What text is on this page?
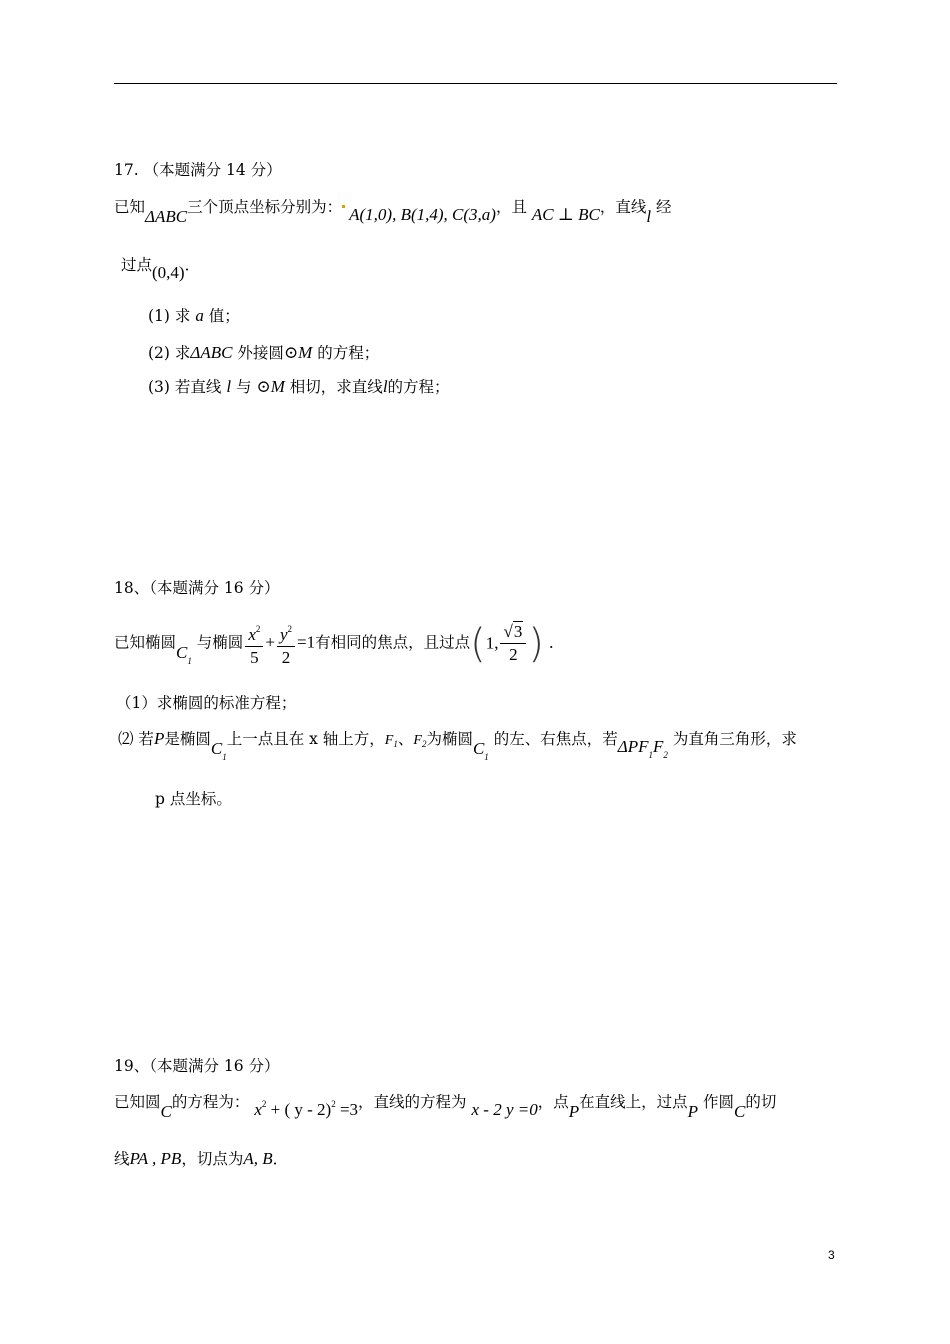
17. （本题满分 14 分）
已知ΔABC三个顶点坐标分别为： A(1,0), B(1,4), C(3,a)，且 AC ⊥ BC，直线l 经
过点(0,4)．
(1) 求 a 值；
(2) 求ΔABC 外接圆⊙M 的方程；
(3) 若直线 l 与 ⊙M 相切，求直线l的方程；
18、（本题满分 16 分）
已知椭圆$C_1$ 与椭圆 $\frac{x^2}{5} + \frac{y^2}{2} =1$有相同的焦点，且过点(1, $\frac{√3}{2}$ ) ．
（1）求椭圆的标准方程；
⑵ 若P是椭圆$C_1$上一点且在 x 轴上方，$F_1$、$F_2$为椭圆$C_1$ 的左、右焦点，若$\Delta PF_1F_2$ 为直角三角形，求
p 点坐标。
19、（本题满分 16 分）
已知圆C的方程为： $x^2$ + ( y - 2)$^2$ =3，直线的方程为 x - 2 y =0，点P在直线上，过点P 作圆C的切
线PA , PB，切点为A, B．
3
